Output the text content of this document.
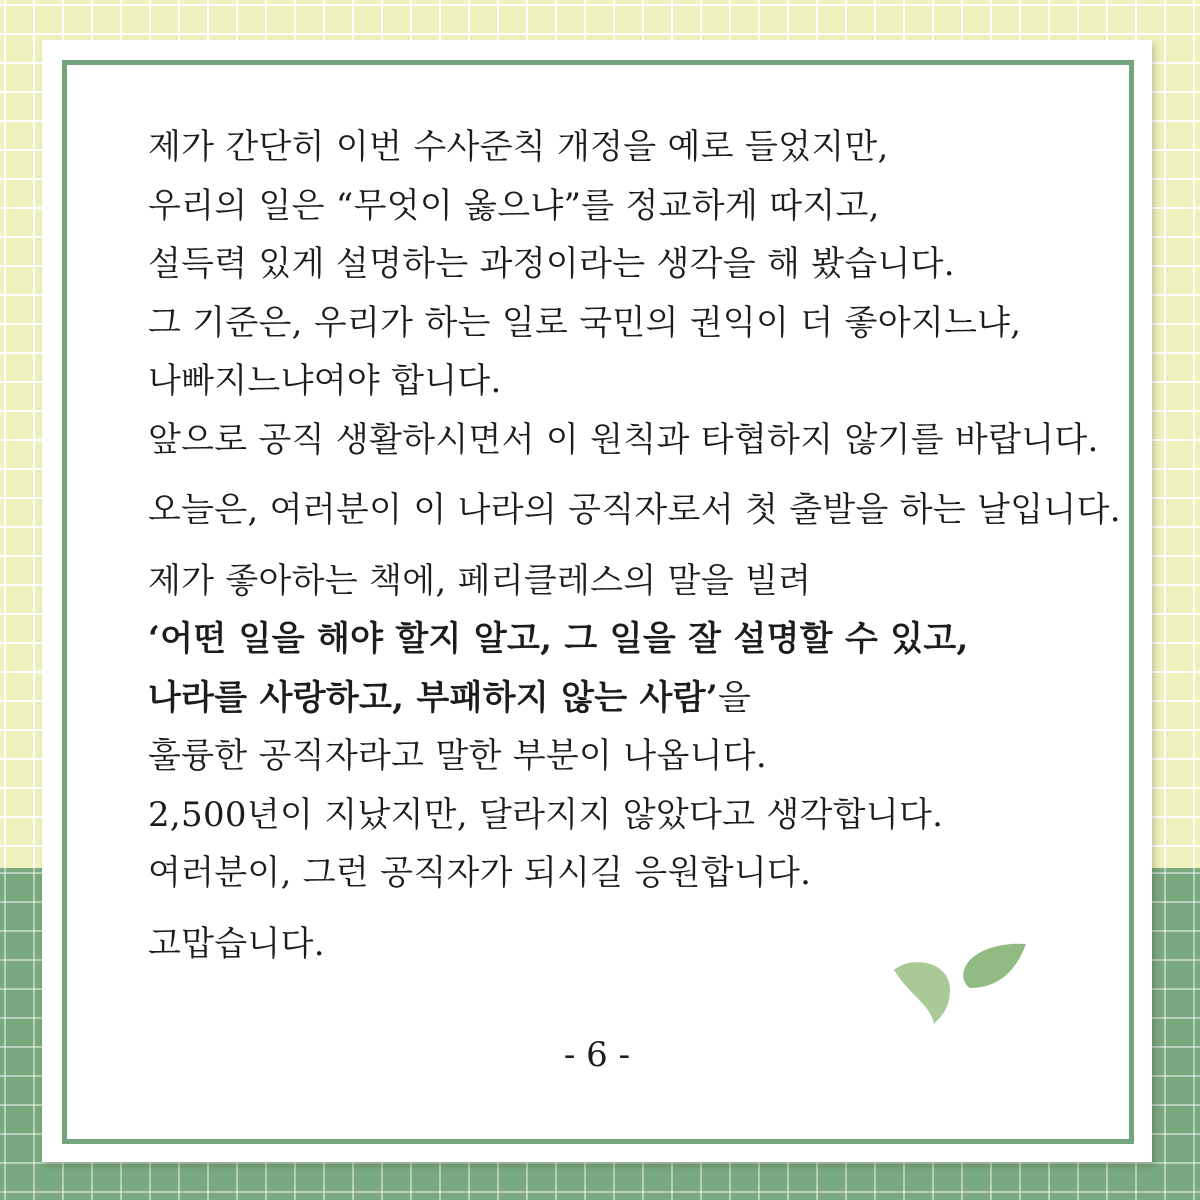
제가 간단히 이번 수사준칙 개정을 예로 들었지만,
우리의 일은 “무엇이 옳으냐”를 정교하게 따지고,
설득력 있게 설명하는 과정이라는 생각을 해 봤습니다.
그 기준은, 우리가 하는 일로 국민의 권익이 더 좋아지느냐,
나빠지느냐여야 합니다.
앞으로 공직 생활하시면서 이 원칙과 타협하지 않기를 바랍니다.
오늘은, 여러분이 이 나라의 공직자로서 첫 출발을 하는 날입니다.
제가 좋아하는 책에, 페리클레스의 말을 빌려
‘어떤 일을 해야 할지 알고, 그 일을 잘 설명할 수 있고,
나라를 사랑하고, 부패하지 않는 사람’을
훌륭한 공직자라고 말한 부분이 나옵니다.
2,500년이 지났지만, 달라지지 않았다고 생각합니다.
여러분이, 그런 공직자가 되시길 응원합니다.
고맙습니다.
- 6 -
